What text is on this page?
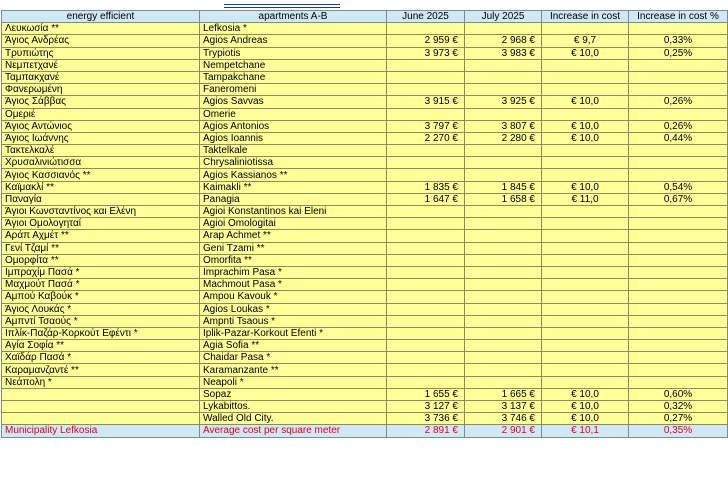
energy efficient	apartments A-B	June 2025	July 2025	Increase in cost	Increase in cost %
Λευκωσία **	Lefkosia *				
Άγιος Ανδρέας	Agios Andreas	2 959 €	2 968 €	€ 9,7	0,33%
Τρυπιώτης	Trypiotis	3 973 €	3 983 €	€ 10,0	0,25%
Νεμπετχανέ	Nempetchane				
Ταμπακχανέ	Tampakchane				
Φανερωμένη	Faneromeni				
Άγιος Σάββας	Agios Savvas	3 915 €	3 925 €	€ 10,0	0,26%
Ομεριέ	Omerie				
Άγιος Αντώνιος	Agios Antonios	3 797 €	3 807 €	€ 10,0	0,26%
Άγιος Ιωάννης	Agios Ioannis	2 270 €	2 280 €	€ 10,0	0,44%
Τακτελκαλέ	Taktelkale				
Χρυσαλινιώτισσα	Chrysaliniotissa				
Άγιος Κασσιανός **	Agios Kassianos **				
Καϊμακλί **	Kaimakli **	1 835 €	1 845 €	€ 10,0	0,54%
Παναγία	Panagia	1 647 €	1 658 €	€ 11,0	0,67%
Άγιοι Κωνσταντίνος και Ελένη	Agioi Konstantinos kai Eleni				
Άγιοι Ομολογηταί	Agioi Omologitai				
Αράπ Αχμέτ **	Arap Achmet **				
Γενί Τζαμί **	Geni Tzami **				
Ομορφίτα **	Omorfita **				
Ιμπραχίμ Πασά *	Imprachim Pasa *				
Μαχμούτ Πασά *	Machmout Pasa *				
Αμπού Καβούκ *	Ampou Kavouk *				
Άγιος Λουκάς *	Agios Loukas *				
Αμπντί Τσαούς *	Ampnti Tsaous *				
Ιπλίκ-Παζάρ-Κορκούτ Εφέντι *	Iplik-Pazar-Korkout Efenti *				
Αγία Σοφία **	Agia Sofia **				
Χαϊδάρ Πασά *	Chaidar Pasa *				
Καραμανζαντέ **	Karamanzante **				
Νεάπολη *	Neapoli *				
	Sopaz	1 655 €	1 665 €	€ 10,0	0,60%
	Lykabittos.	3 127 €	3 137 €	€ 10,0	0,32%
	Walled Old City.	3 736 €	3 746 €	€ 10,0	0,27%
Municipality Lefkosia	Average cost per square meter	2 891 €	2 901 €	€ 10,1	0,35%
